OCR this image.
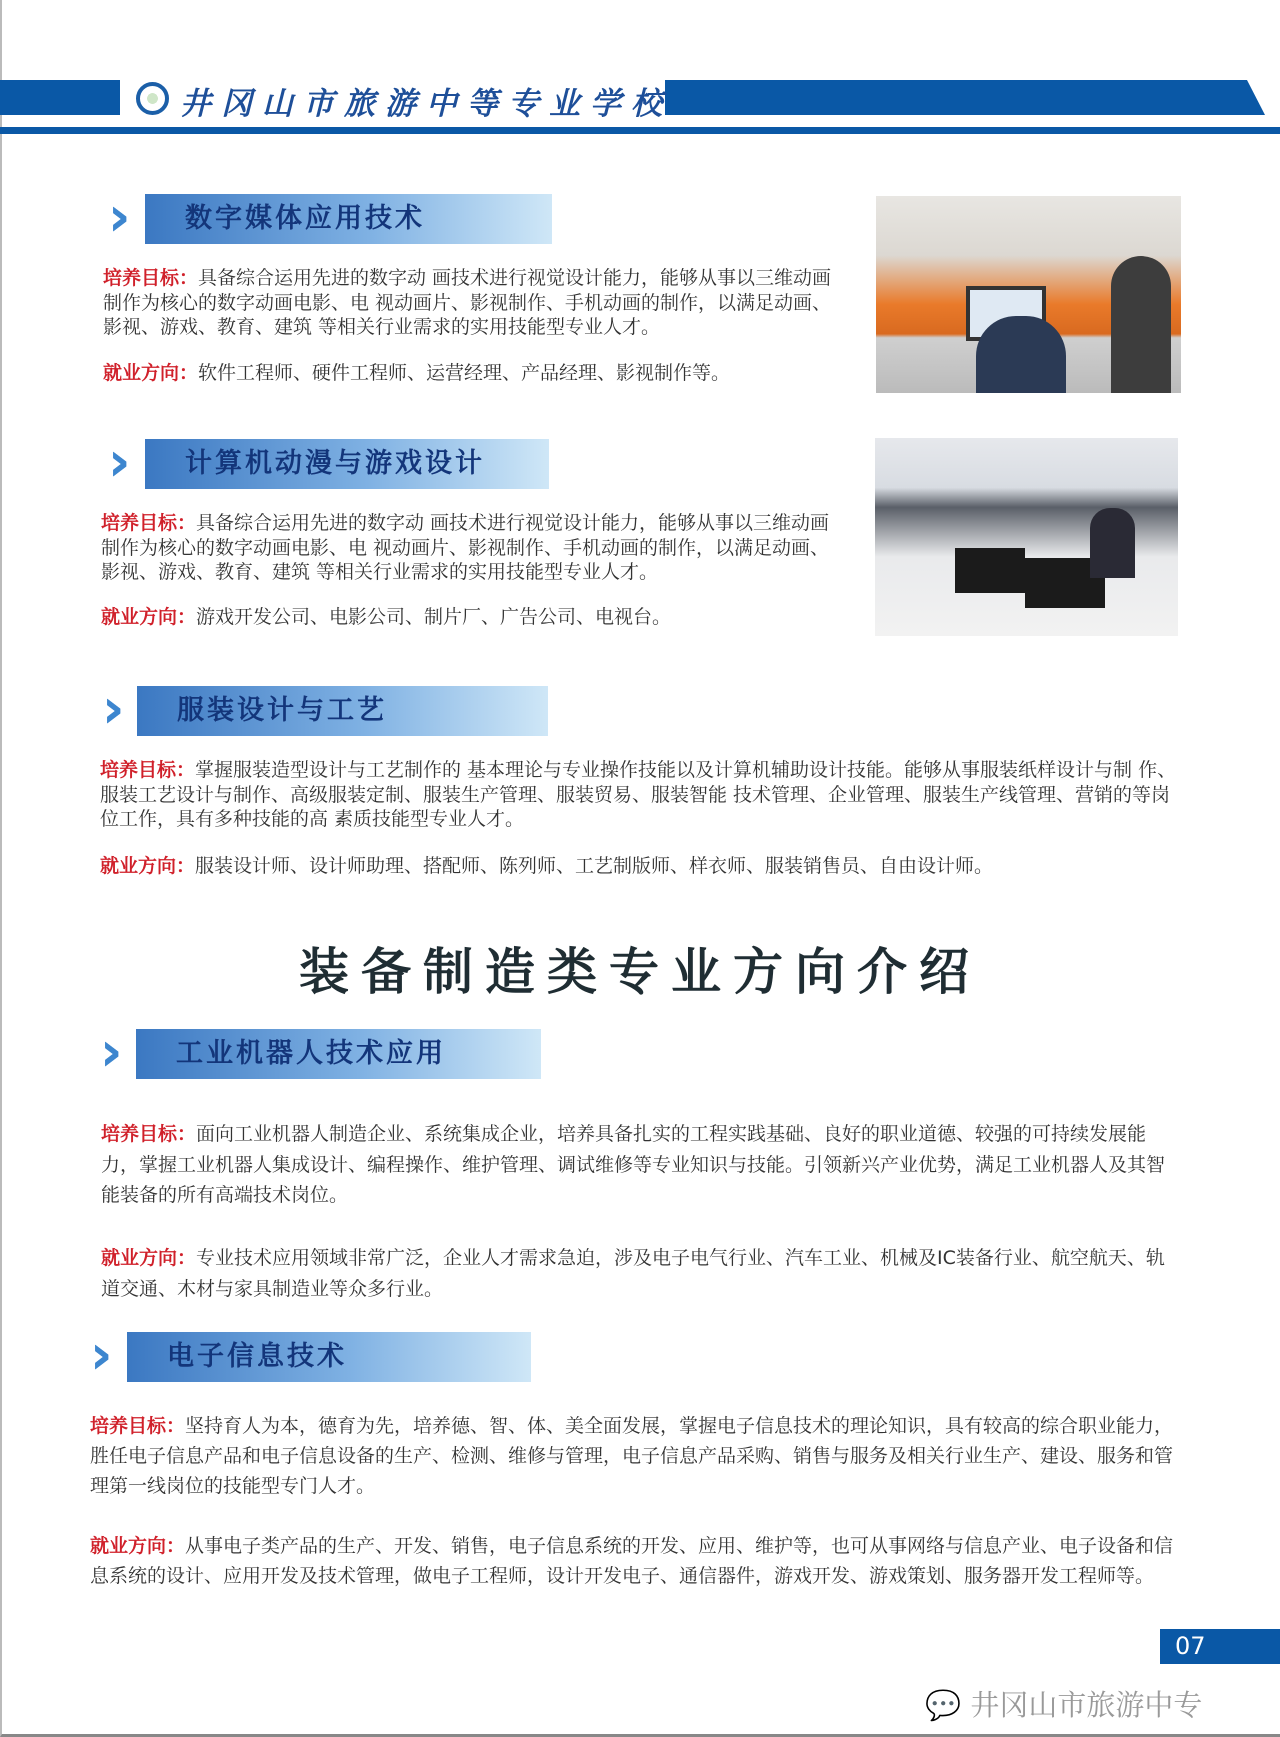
井冈山市旅游中等专业学校
››	数字媒体应用技术
培养目标：具备综合运用先进的数字动 画技术进行视觉设计能力，能够从事以三维动画制作为核心的数字动画电影、电 视动画片、影视制作、手机动画的制作，以满足动画、影视、游戏、教育、建筑 等相关行业需求的实用技能型专业人才。
就业方向：软件工程师、硬件工程师、运营经理、产品经理、影视制作等。
››	计算机动漫与游戏设计
培养目标：具备综合运用先进的数字动 画技术进行视觉设计能力，能够从事以三维动画制作为核心的数字动画电影、电 视动画片、影视制作、手机动画的制作，以满足动画、影视、游戏、教育、建筑 等相关行业需求的实用技能型专业人才。
就业方向：游戏开发公司、电影公司、制片厂、广告公司、电视台。
››	服装设计与工艺
培养目标：掌握服装造型设计与工艺制作的 基本理论与专业操作技能以及计算机辅助设计技能。能够从事服装纸样设计与制 作、服装工艺设计与制作、高级服装定制、服装生产管理、服装贸易、服装智能 技术管理、企业管理、服装生产线管理、营销的等岗位工作，具有多种技能的高 素质技能型专业人才。
就业方向：服装设计师、设计师助理、搭配师、陈列师、工艺制版师、样衣师、服装销售员、自由设计师。
装备制造类专业方向介绍
››	工业机器人技术应用
培养目标：面向工业机器人制造企业、系统集成企业，培养具备扎实的工程实践基础、良好的职业道德、较强的可持续发展能力，掌握工业机器人集成设计、编程操作、维护管理、调试维修等专业知识与技能。引领新兴产业优势，满足工业机器人及其智能装备的所有高端技术岗位。
就业方向：专业技术应用领域非常广泛，企业人才需求急迫，涉及电子电气行业、汽车工业、机械及IC装备行业、航空航天、轨道交通、木材与家具制造业等众多行业。
››	电子信息技术
培养目标：坚持育人为本，德育为先，培养德、智、体、美全面发展，掌握电子信息技术的理论知识，具有较高的综合职业能力，胜任电子信息产品和电子信息设备的生产、检测、维修与管理，电子信息产品采购、销售与服务及相关行业生产、建设、服务和管理第一线岗位的技能型专门人才。
就业方向：从事电子类产品的生产、开发、销售，电子信息系统的开发、应用、维护等，也可从事网络与信息产业、电子设备和信息系统的设计、应用开发及技术管理，做电子工程师，设计开发电子、通信器件，游戏开发、游戏策划、服务器开发工程师等。
07
💬 井冈山市旅游中专
